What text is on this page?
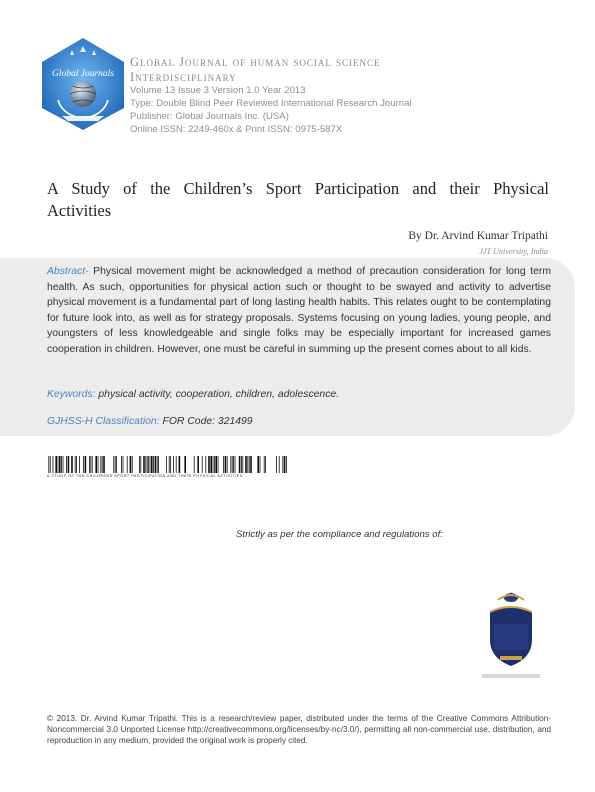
Global Journals
Global Journal of human social science
Interdisciplinary
Volume 13 Issue 3 Version 1.0 Year 2013
Type: Double Blind Peer Reviewed International Research Journal
Publisher: Global Journals Inc. (USA)
Online ISSN: 2249-460x & Print ISSN: 0975-587X
A Study of the Children’s Sport Participation and their Physical
Activities
By Dr. Arvind Kumar Tripathi
JJT University, India
Abstract- Physical movement might be acknowledged a method of precaution consideration for long term health. As such, opportunities for physical action such or thought to be swayed and activity to advertise physical movement is a fundamental part of long lasting health habits. This relates ought to be contemplating for future look into, as well as for strategy proposals. Systems focusing on young ladies, young people, and youngsters of less knowledgeable and single folks may be especially important for increased games cooperation in children. However, one must be careful in summing up the present comes about to all kids.
Keywords: physical activity, cooperation, children, adolescence.
GJHSS-H Classification: FOR Code: 321499
A STUDY OF THE CHILDRENS SPORT PARTICIPATION AND THEIR PHYSICAL ACTIVITIES
Strictly as per the compliance and regulations of:
© 2013. Dr. Arvind Kumar Tripathi. This is a research/review paper, distributed under the terms of the Creative Commons Attribution-Noncommercial 3.0 Unported License http://creativecommons.org/licenses/by-nc/3.0/), permitting all non-commercial use, distribution, and reproduction in any medium, provided the original work is properly cited.
